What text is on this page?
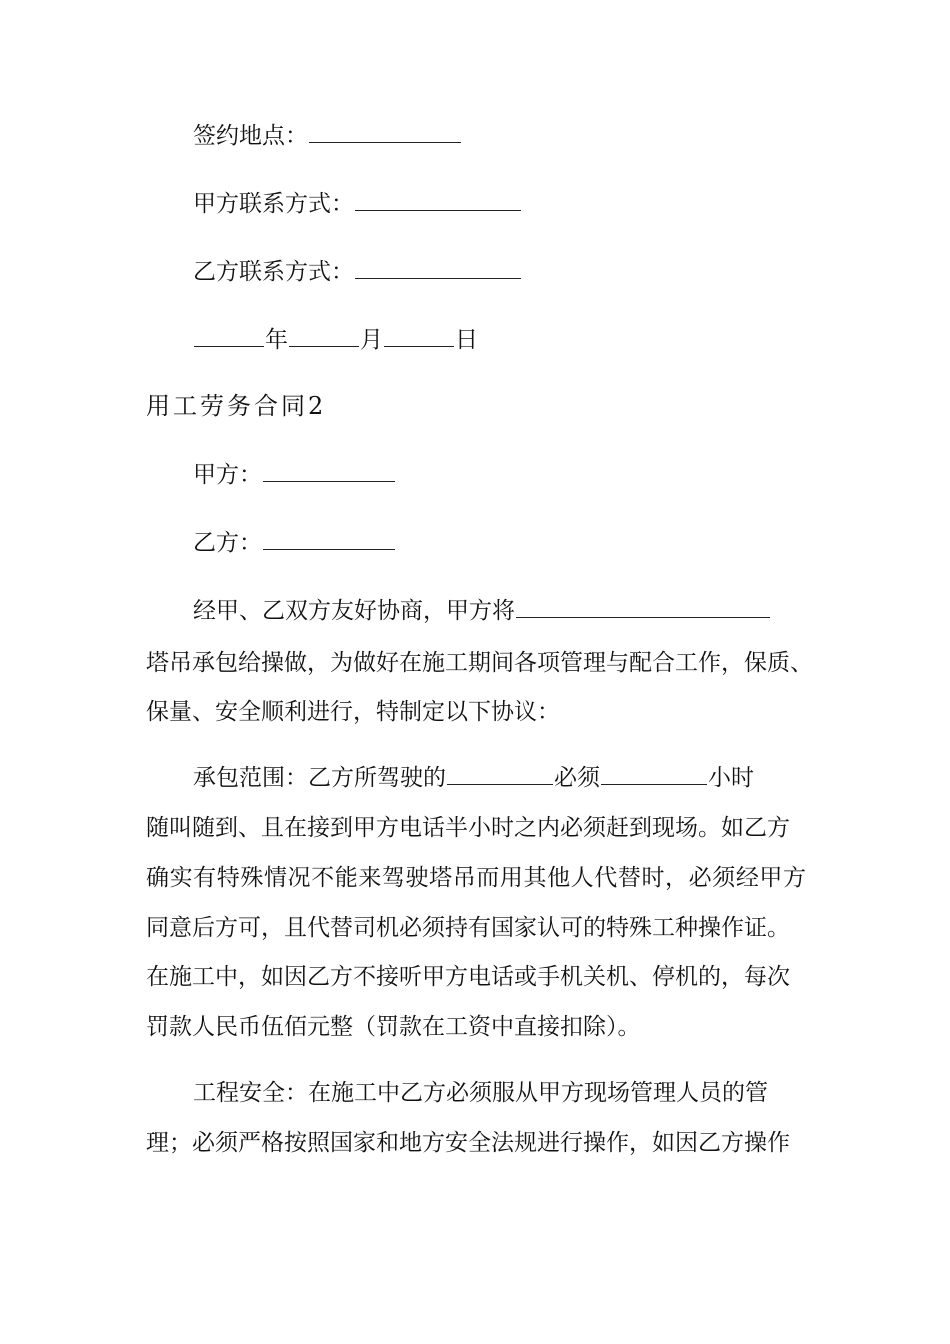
签约地点：
甲方联系方式：
乙方联系方式：
年	月	日
用工劳务合同2
甲方：
乙方：
经甲、乙双方友好协商，甲方将
塔吊承包给操做，为做好在施工期间各项管理与配合工作，保质、
保量、安全顺利进行，特制定以下协议：
承包范围：乙方所驾驶的	必须	小时
随叫随到、且在接到甲方电话半小时之内必须赶到现场。如乙方
确实有特殊情况不能来驾驶塔吊而用其他人代替时，必须经甲方
同意后方可，且代替司机必须持有国家认可的特殊工种操作证。
在施工中，如因乙方不接听甲方电话或手机关机、停机的，每次
罚款人民币伍佰元整（罚款在工资中直接扣除）。
工程安全：在施工中乙方必须服从甲方现场管理人员的管
理；必须严格按照国家和地方安全法规进行操作，如因乙方操作
